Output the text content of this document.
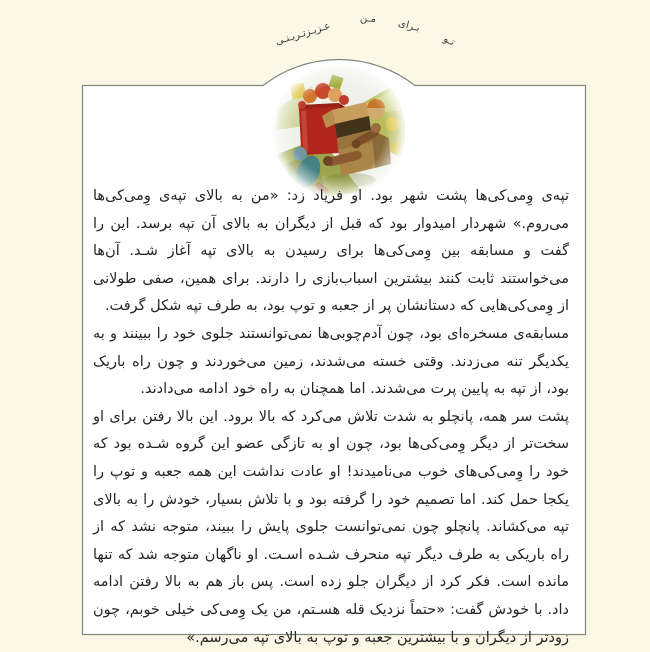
تـو
بـرای
مـن
عـزیـزتـریـنـی

تپه‌ی وِمی‌کی‌ها پشت شهر بود. او فریاد زد: «من به بالای تپه‌ی وِمی‌کی‌ها می‌روم.» شهردار امیدوار بود که قبل از دیگران به بالای آن تپه برسد. این را گفت و مسابقه بین وِمی‌کی‌ها برای رسیدن به بالای تپه آغاز شـد. آن‌ها می‌خواستند ثابت کنند بیشترین اسباب‌بازی را دارند. برای همین، صفی طولانی از وِمی‌کی‌هایی که دستانشان پر از جعبه و توپ بود، به طرف تپه شکل گرفت.

مسابقه‌ی مسخره‌ای بود، چون آدم‌چوبی‌ها نمی‌توانستند جلوی خود را ببینند و به یکدیگر تنه می‌زدند. وقتی خسته می‌شدند، زمین می‌خوردند و چون راه باریک بود، از تپه به پایین پرت می‌شدند. اما همچنان به راه خود ادامه می‌دادند.

پشت سر همه، پانچلو به شدت تلاش می‌کرد که بالا برود. این بالا رفتن برای او سخت‌تر از دیگر وِمی‌کی‌ها بود، چون او به تازگی عضو این گروه شـده بود که خود را وِمی‌کی‌های خوب می‌نامیدند! او عادت نداشت این همه جعبه و توپ را یکجا حمل کند. اما تصمیم خود را گرفته بود و با تلاش بسیار، خودش را به بالای تپه می‌کشاند. پانچلو چون نمی‌توانست جلوی پایش را ببیند، متوجه نشد که از راه باریکی به طرف دیگر تپه منحرف شـده اسـت. او ناگهان متوجه شد که تنها مانده است. فکر کرد از دیگران جلو زده است. پس باز هم به بالا رفتن ادامه داد. با خودش گفت: «حتماً نزدیک قله هسـتم، من یک وِمی‌کی خیلی خوبم، چون زودتر از دیگران و با بیشترین جعبه و توپ به بالای تپه می‌رسم.»
